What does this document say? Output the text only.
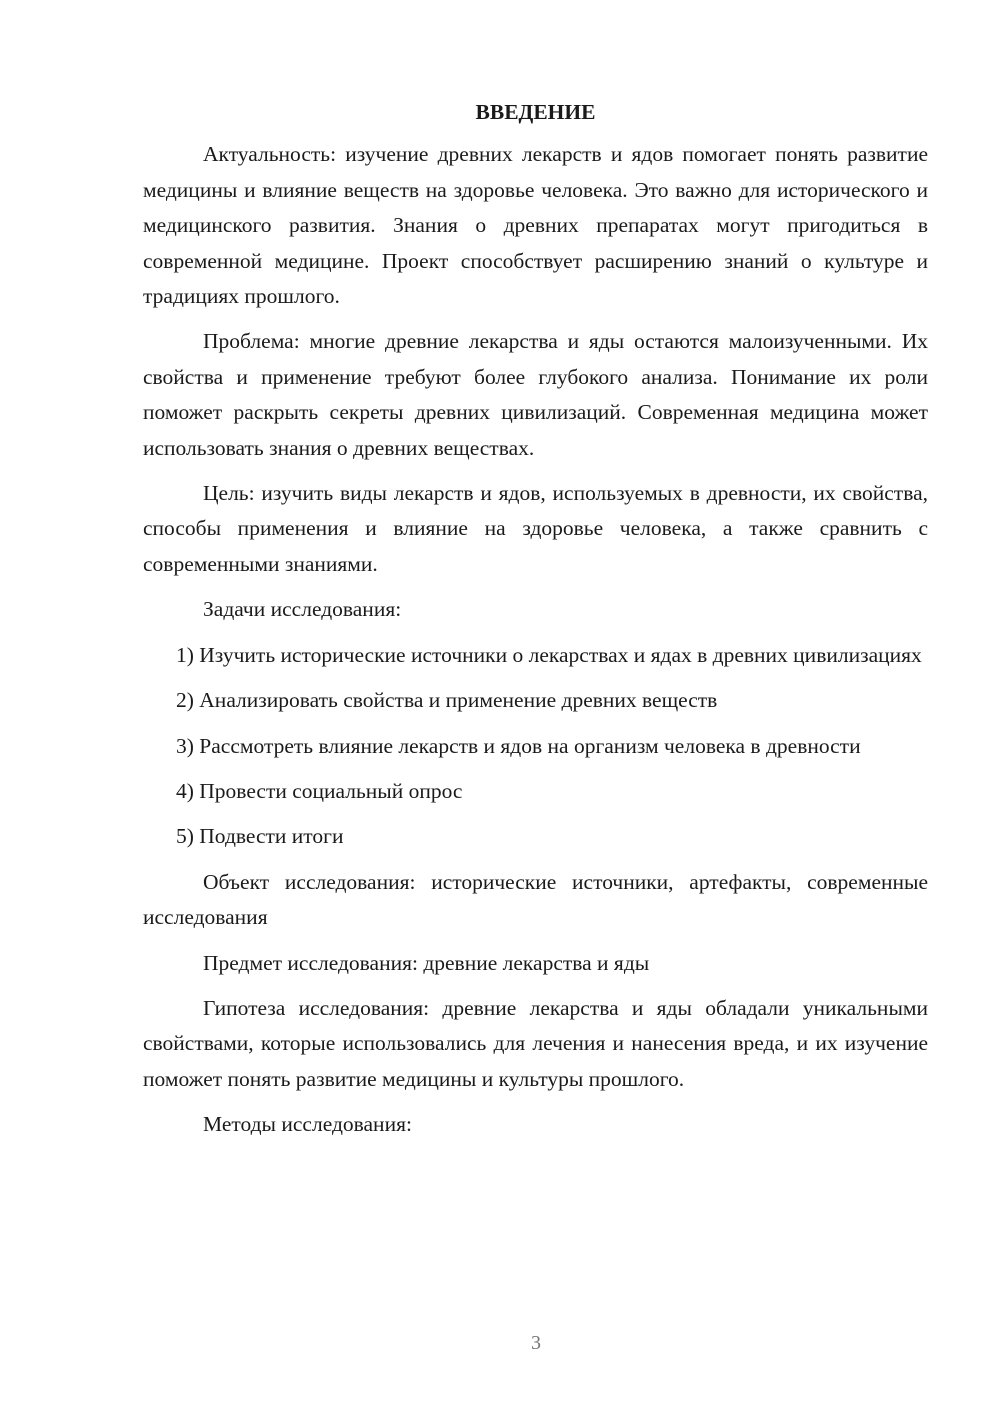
ВВЕДЕНИЕ

Актуальность: изучение древних лекарств и ядов помогает понять развитие медицины и влияние веществ на здоровье человека. Это важно для исторического и медицинского развития. Знания о древних препаратах могут пригодиться в современной медицине. Проект способствует расширению знаний о культуре и традициях прошлого.

Проблема: многие древние лекарства и яды остаются малоизученными. Их свойства и применение требуют более глубокого анализа. Понимание их роли поможет раскрыть секреты древних цивилизаций. Современная медицина может использовать знания о древних веществах.

Цель: изучить виды лекарств и ядов, используемых в древности, их свойства, способы применения и влияние на здоровье человека, а также сравнить с современными знаниями.

Задачи исследования:

1) Изучить исторические источники о лекарствах и ядах в древних цивилизациях

2) Анализировать свойства и применение древних веществ

3) Рассмотреть влияние лекарств и ядов на организм человека в древности

4) Провести социальный опрос

5) Подвести итоги

Объект исследования: исторические источники, артефакты, современные исследования

Предмет исследования: древние лекарства и яды

Гипотеза исследования: древние лекарства и яды обладали уникальными свойствами, которые использовались для лечения и нанесения вреда, и их изучение поможет понять развитие медицины и культуры прошлого.

Методы исследования:

3
